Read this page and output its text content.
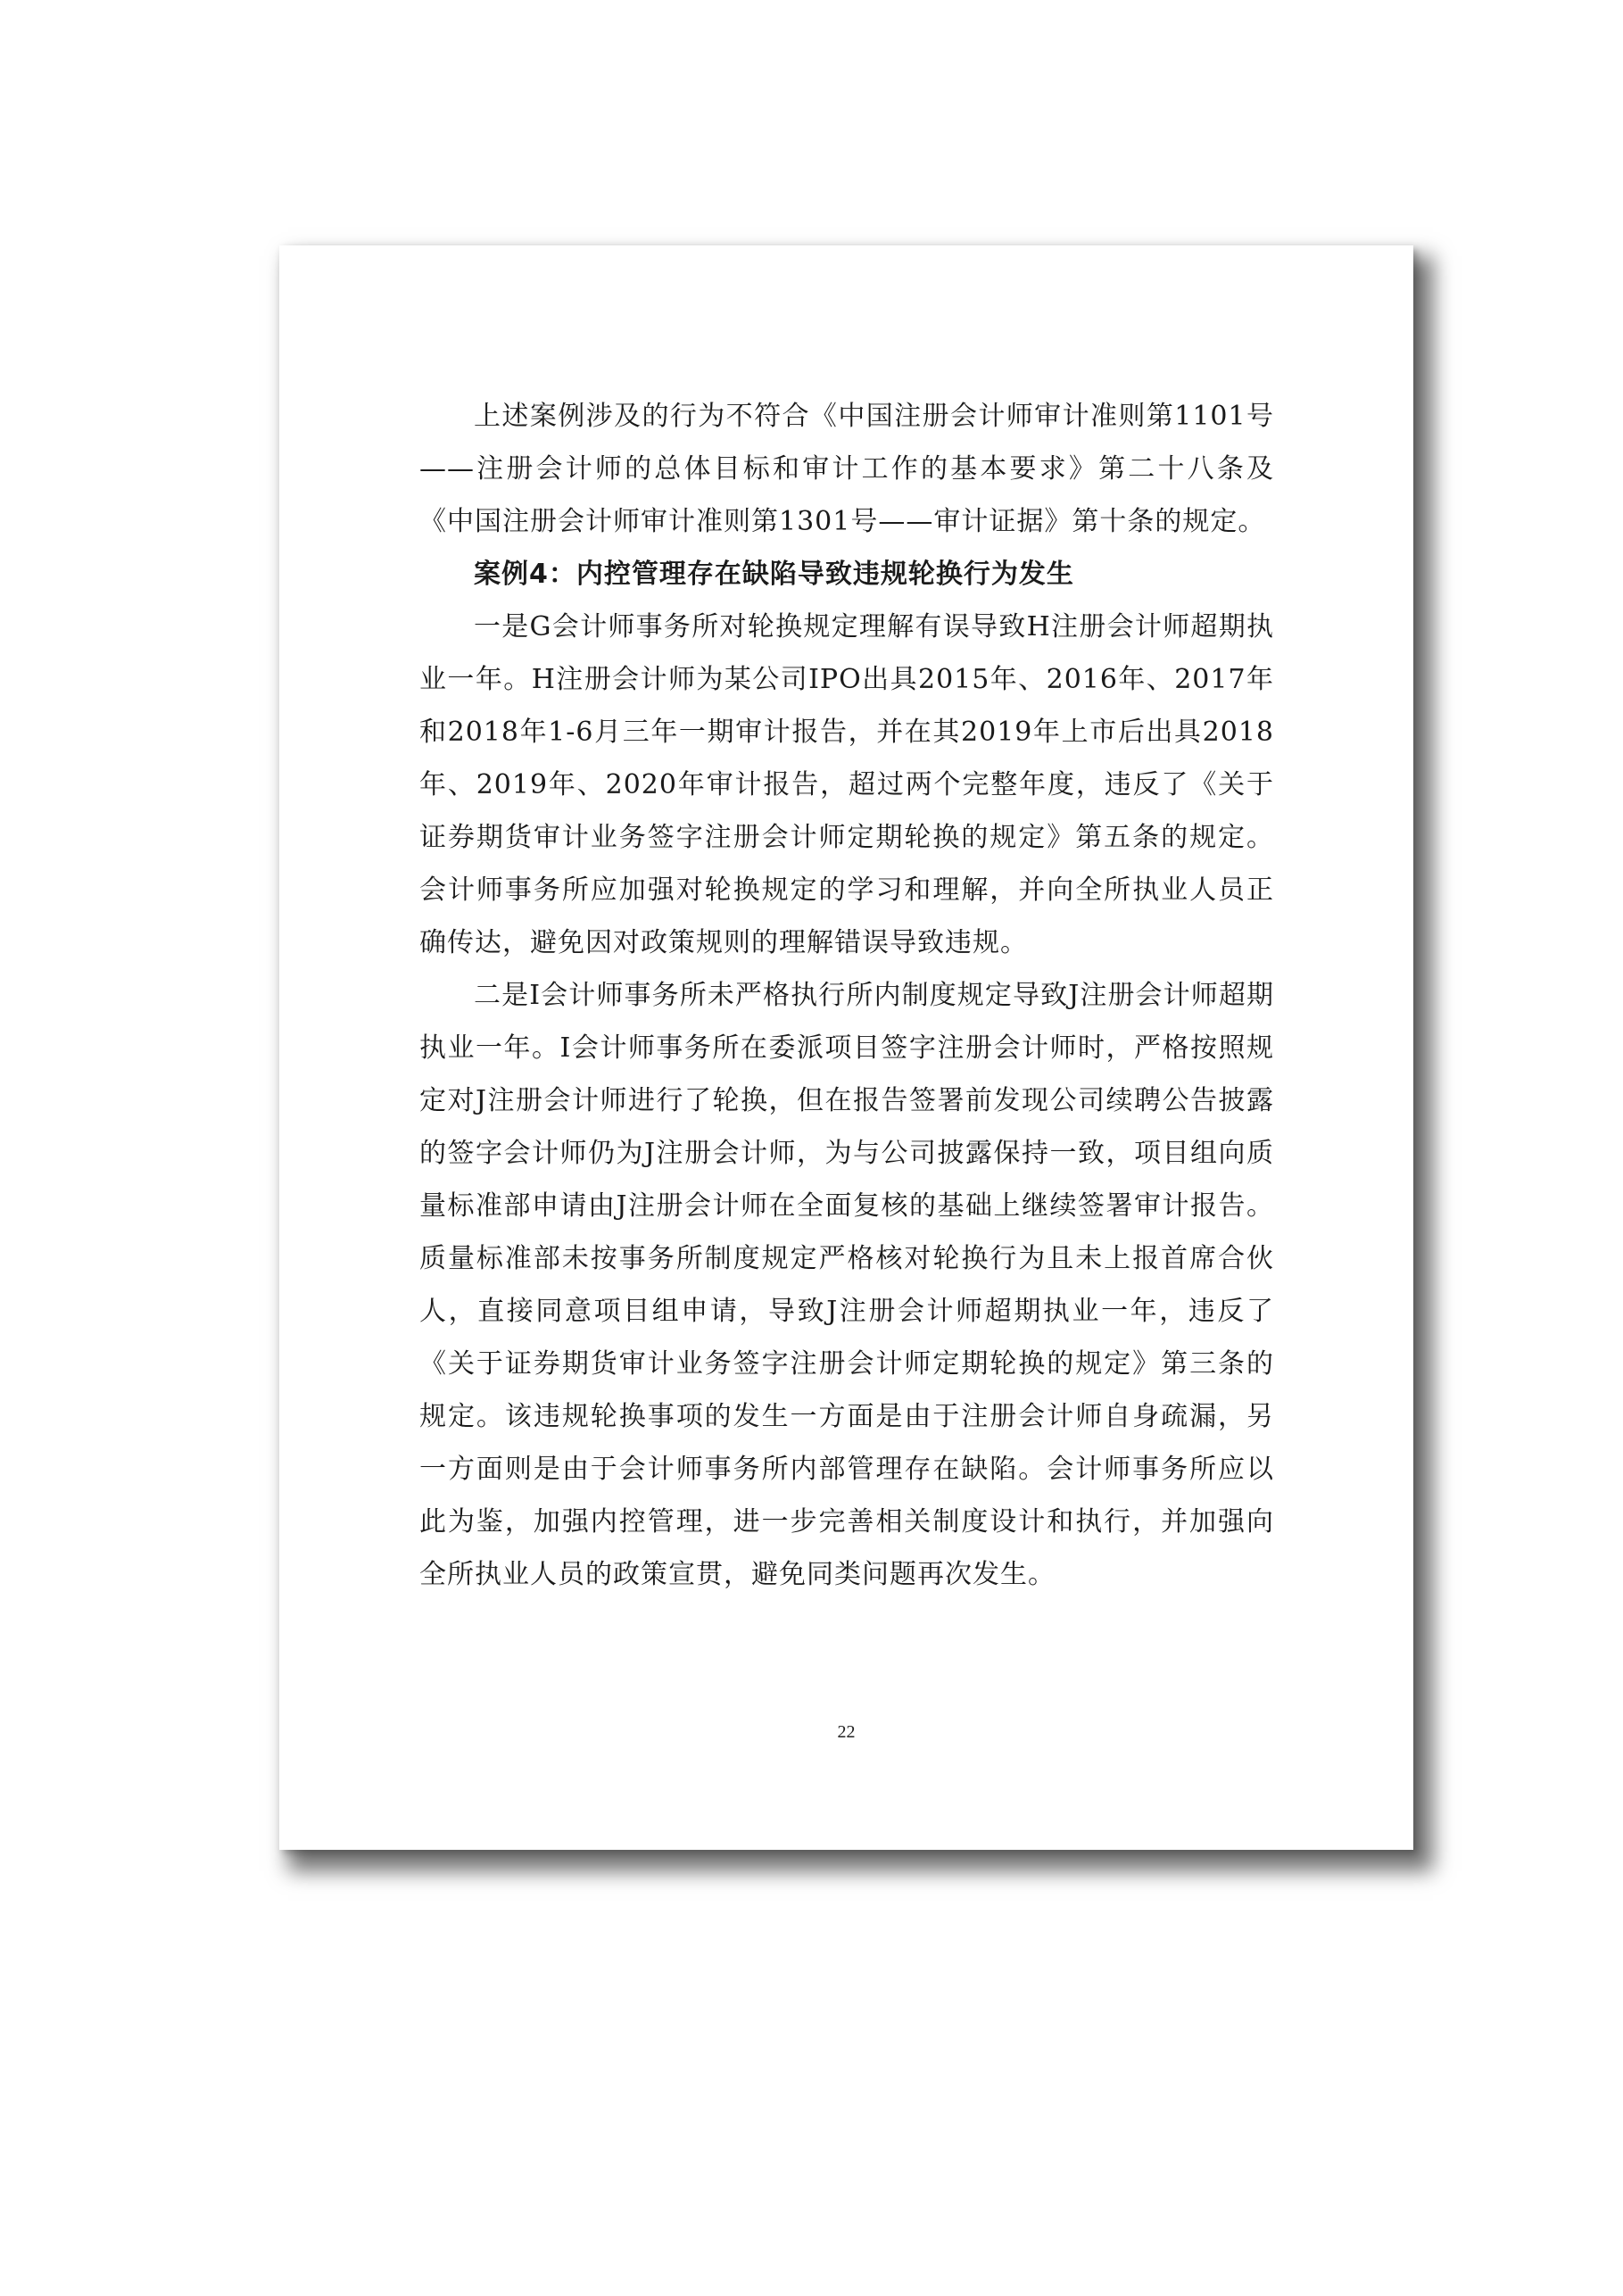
上述案例涉及的行为不符合《中国注册会计师审计准则第1101号——注册会计师的总体目标和审计工作的基本要求》第二十八条及《中国注册会计师审计准则第1301号——审计证据》第十条的规定。

案例4：内控管理存在缺陷导致违规轮换行为发生

一是G会计师事务所对轮换规定理解有误导致H注册会计师超期执业一年。H注册会计师为某公司IPO出具2015年、2016年、2017年和2018年1-6月三年一期审计报告，并在其2019年上市后出具2018年、2019年、2020年审计报告，超过两个完整年度，违反了《关于证券期货审计业务签字注册会计师定期轮换的规定》第五条的规定。会计师事务所应加强对轮换规定的学习和理解，并向全所执业人员正确传达，避免因对政策规则的理解错误导致违规。

二是I会计师事务所未严格执行所内制度规定导致J注册会计师超期执业一年。I会计师事务所在委派项目签字注册会计师时，严格按照规定对J注册会计师进行了轮换，但在报告签署前发现公司续聘公告披露的签字会计师仍为J注册会计师，为与公司披露保持一致，项目组向质量标准部申请由J注册会计师在全面复核的基础上继续签署审计报告。质量标准部未按事务所制度规定严格核对轮换行为且未上报首席合伙人，直接同意项目组申请，导致J注册会计师超期执业一年，违反了《关于证券期货审计业务签字注册会计师定期轮换的规定》第三条的规定。该违规轮换事项的发生一方面是由于注册会计师自身疏漏，另一方面则是由于会计师事务所内部管理存在缺陷。会计师事务所应以此为鉴，加强内控管理，进一步完善相关制度设计和执行，并加强向全所执业人员的政策宣贯，避免同类问题再次发生。

22
